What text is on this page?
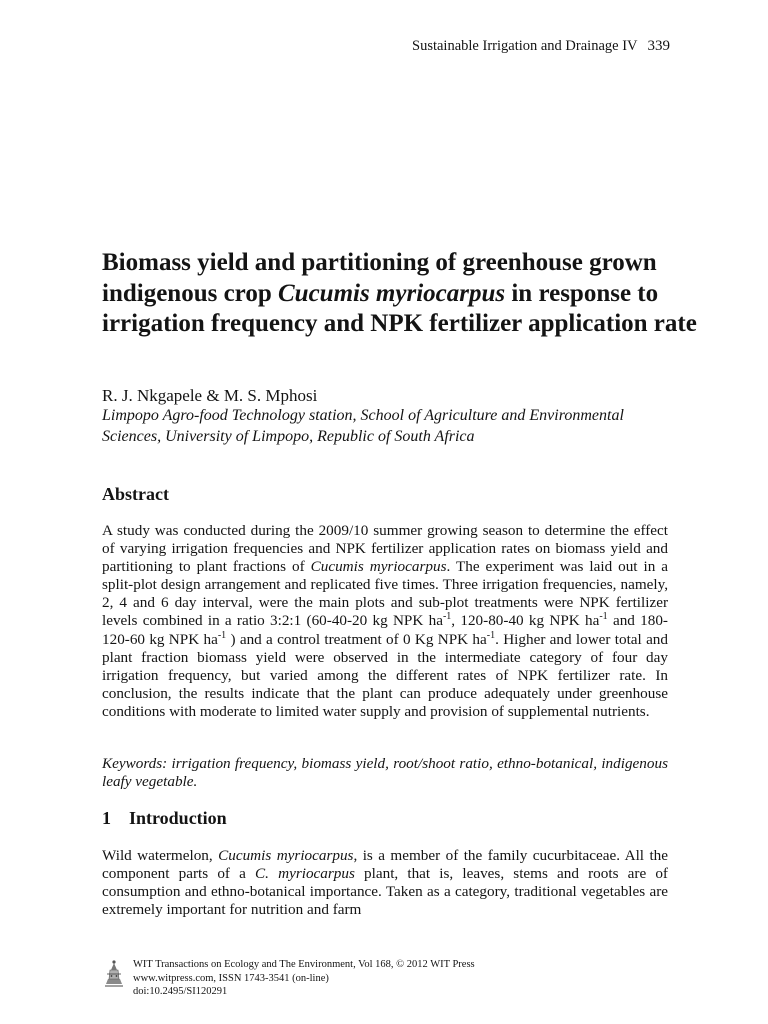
Sustainable Irrigation and Drainage IV 339
Biomass yield and partitioning of greenhouse grown indigenous crop Cucumis myriocarpus in response to irrigation frequency and NPK fertilizer application rate
R. J. Nkgapele & M. S. Mphosi
Limpopo Agro-food Technology station, School of Agriculture and Environmental Sciences, University of Limpopo, Republic of South Africa
Abstract

A study was conducted during the 2009/10 summer growing season to determine the effect of varying irrigation frequencies and NPK fertilizer application rates on biomass yield and partitioning to plant fractions of Cucumis myriocarpus. The experiment was laid out in a split-plot design arrangement and replicated five times. Three irrigation frequencies, namely, 2, 4 and 6 day interval, were the main plots and sub-plot treatments were NPK fertilizer levels combined in a ratio 3:2:1 (60-40-20 kg NPK $ha^{-1}$, 120-80-40 kg NPK $ha^{-1}$ and 180-120-60 kg NPK $ha^{-1}$ ) and a control treatment of 0 Kg NPK $ha^{-1}$. Higher and lower total and plant fraction biomass yield were observed in the intermediate category of four day irrigation frequency, but varied among the different rates of NPK fertilizer rate. In conclusion, the results indicate that the plant can produce adequately under greenhouse conditions with moderate to limited water supply and provision of supplemental nutrients.

Keywords: irrigation frequency, biomass yield, root/shoot ratio, ethno-botanical, indigenous leafy vegetable.

1 Introduction

Wild watermelon, Cucumis myriocarpus, is a member of the family cucurbitaceae. All the component parts of a C. myriocarpus plant, that is, leaves, stems and roots are of consumption and ethno-botanical importance. Taken as a category, traditional vegetables are extremely important for nutrition and farm

WIT Transactions on Ecology and The Environment, Vol 168, © 2012 WIT Press
www.witpress.com, ISSN 1743-3541 (on-line)
doi:10.2495/SI120291
